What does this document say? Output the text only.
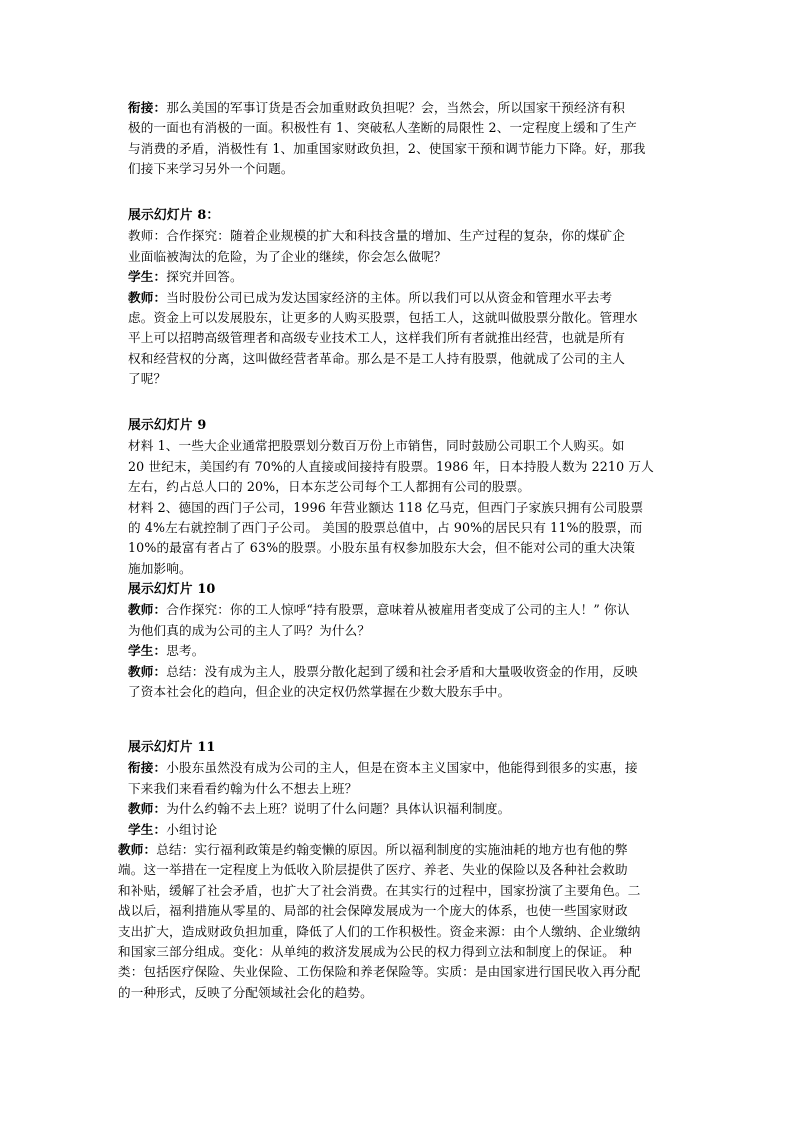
衔接：那么美国的军事订货是否会加重财政负担呢？会，当然会，所以国家干预经济有积

极的一面也有消极的一面。积极性有 1、突破私人垄断的局限性 2、一定程度上缓和了生产

与消费的矛盾，消极性有 1、加重国家财政负担，2、使国家干预和调节能力下降。好，那我

们接下来学习另外一个问题。

展示幻灯片 8：

教师：合作探究：随着企业规模的扩大和科技含量的增加、生产过程的复杂，你的煤矿企

业面临被淘汰的危险，为了企业的继续，你会怎么做呢？

学生：探究并回答。

教师：当时股份公司已成为发达国家经济的主体。所以我们可以从资金和管理水平去考

虑。资金上可以发展股东，让更多的人购买股票，包括工人，这就叫做股票分散化。管理水

平上可以招聘高级管理者和高级专业技术工人，这样我们所有者就推出经营，也就是所有

权和经营权的分离，这叫做经营者革命。那么是不是工人持有股票，他就成了公司的主人

了呢？

展示幻灯片 9

材料 1、一些大企业通常把股票划分数百万份上市销售，同时鼓励公司职工个人购买。如

20 世纪末，美国约有 70%的人直接或间接持有股票。1986 年，日本持股人数为 2210 万人

左右，约占总人口的 20%，日本东芝公司每个工人都拥有公司的股票。

材料 2、德国的西门子公司，1996 年营业额达 118 亿马克，但西门子家族只拥有公司股票

的 4%左右就控制了西门子公司。 美国的股票总值中，占 90%的居民只有 11%的股票，而

10%的最富有者占了 63%的股票。小股东虽有权参加股东大会，但不能对公司的重大决策

施加影响。

展示幻灯片 10

教师：合作探究：你的工人惊呼“持有股票，意味着从被雇用者变成了公司的主人！” 你认

为他们真的成为公司的主人了吗？为什么？

学生：思考。

教师：总结：没有成为主人，股票分散化起到了缓和社会矛盾和大量吸收资金的作用，反映

了资本社会化的趋向，但企业的决定权仍然掌握在少数大股东手中。

展示幻灯片 11

衔接：小股东虽然没有成为公司的主人，但是在资本主义国家中，他能得到很多的实惠，接

下来我们来看看约翰为什么不想去上班？

教师：为什么约翰不去上班？说明了什么问题？具体认识福利制度。

学生：小组讨论

教师：总结：实行福利政策是约翰变懒的原因。所以福利制度的实施油耗的地方也有他的弊

端。这一举措在一定程度上为低收入阶层提供了医疗、养老、失业的保险以及各种社会救助

和补贴，缓解了社会矛盾，也扩大了社会消费。在其实行的过程中，国家扮演了主要角色。二

战以后，福利措施从零星的、局部的社会保障发展成为一个庞大的体系，也使一些国家财政

支出扩大，造成财政负担加重，降低了人们的工作积极性。资金来源：由个人缴纳、企业缴纳

和国家三部分组成。变化：从单纯的救济发展成为公民的权力得到立法和制度上的保证。 种

类：包括医疗保险、失业保险、工伤保险和养老保险等。实质：是由国家进行国民收入再分配

的一种形式，反映了分配领域社会化的趋势。
